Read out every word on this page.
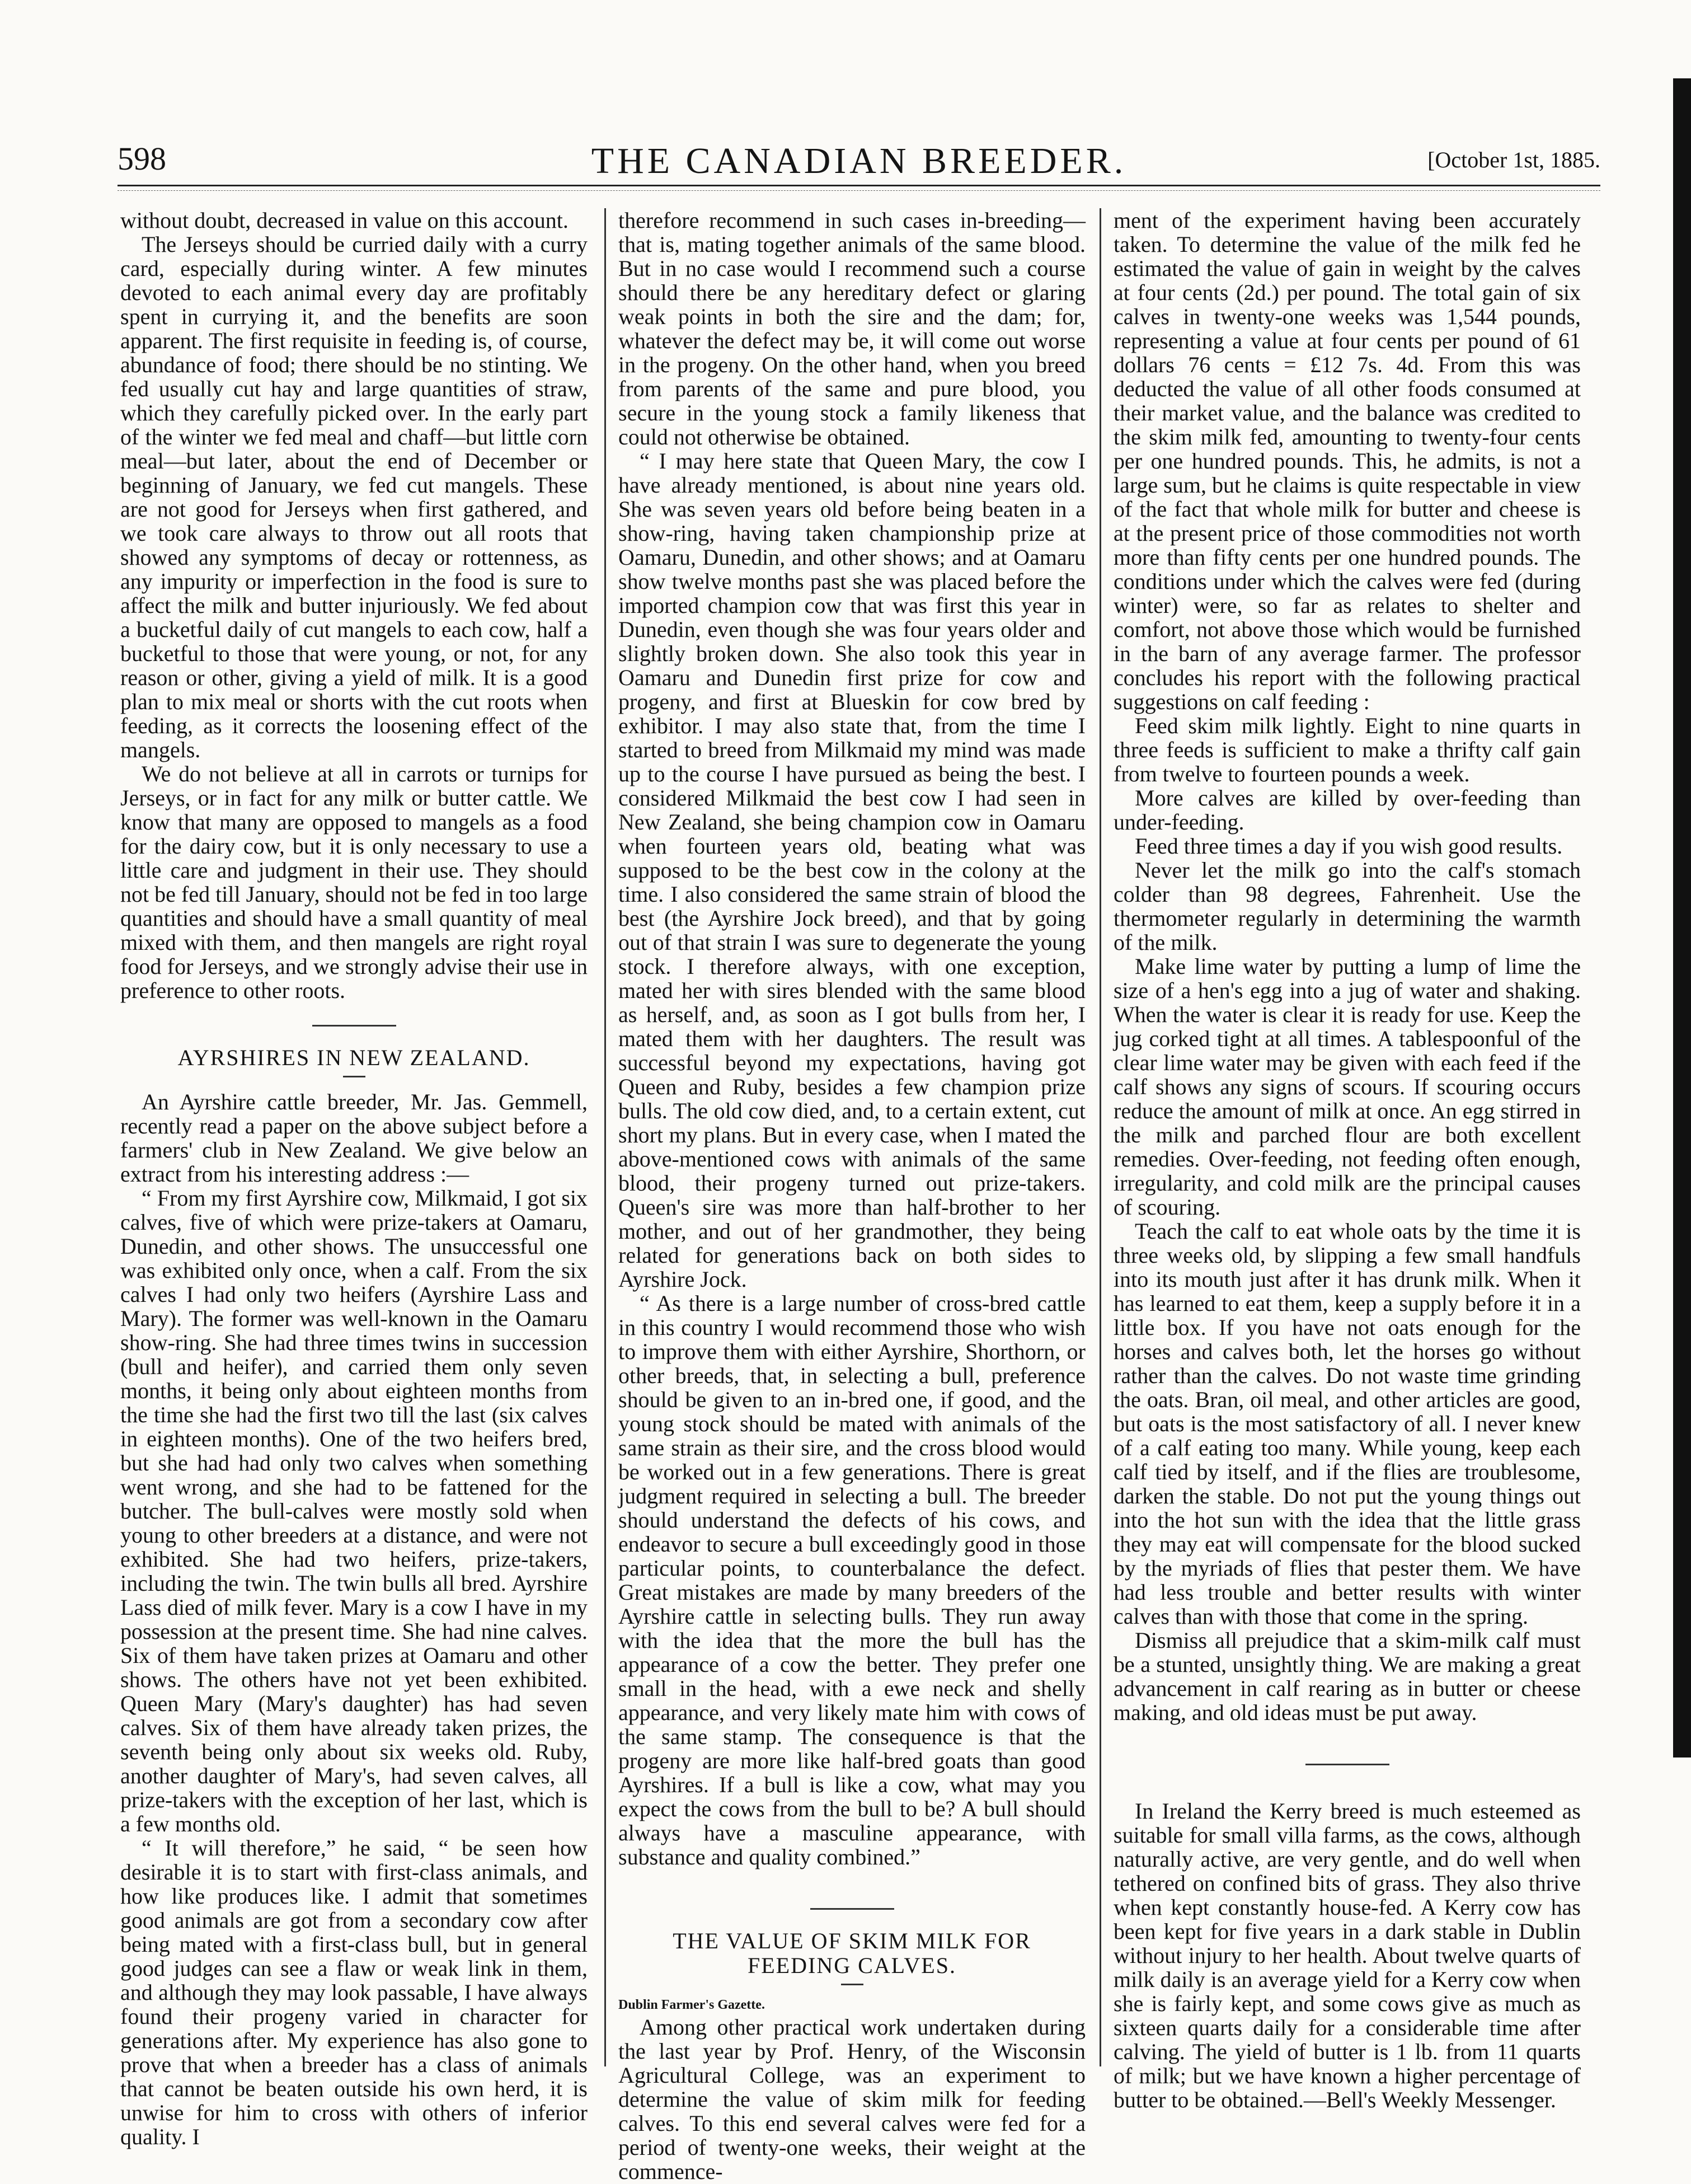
598	THE CANADIAN BREEDER.	[October 1st, 1885.

without doubt, decreased in value on this account.

The Jerseys should be curried daily with a curry card, especially during winter. A few minutes devoted to each animal every day are profitably spent in currying it, and the benefits are soon apparent. The first requisite in feeding is, of course, abundance of food; there should be no stinting. We fed usually cut hay and large quantities of straw, which they carefully picked over. In the early part of the winter we fed meal and chaff—but little corn meal—but later, about the end of December or beginning of January, we fed cut mangels. These are not good for Jerseys when first gathered, and we took care always to throw out all roots that showed any symptoms of decay or rottenness, as any impurity or imperfection in the food is sure to affect the milk and butter injuriously. We fed about a bucketful daily of cut mangels to each cow, half a bucketful to those that were young, or not, for any reason or other, giving a yield of milk. It is a good plan to mix meal or shorts with the cut roots when feeding, as it corrects the loosening effect of the mangels.

We do not believe at all in carrots or turnips for Jerseys, or in fact for any milk or butter cattle. We know that many are opposed to mangels as a food for the dairy cow, but it is only necessary to use a little care and judgment in their use. They should not be fed till January, should not be fed in too large quantities and should have a small quantity of meal mixed with them, and then mangels are right royal food for Jerseys, and we strongly advise their use in preference to other roots.

AYRSHIRES IN NEW ZEALAND.

An Ayrshire cattle breeder, Mr. Jas. Gemmell, recently read a paper on the above subject before a farmers' club in New Zealand. We give below an extract from his interesting address :—

“ From my first Ayrshire cow, Milkmaid, I got six calves, five of which were prize-takers at Oamaru, Dunedin, and other shows. The unsuccessful one was exhibited only once, when a calf. From the six calves I had only two heifers (Ayrshire Lass and Mary). The former was well-known in the Oamaru show-ring. She had three times twins in succession (bull and heifer), and carried them only seven months, it being only about eighteen months from the time she had the first two till the last (six calves in eighteen months). One of the two heifers bred, but she had had only two calves when something went wrong, and she had to be fattened for the butcher. The bull-calves were mostly sold when young to other breeders at a distance, and were not exhibited. She had two heifers, prize-takers, including the twin. The twin bulls all bred. Ayrshire Lass died of milk fever. Mary is a cow I have in my possession at the present time. She had nine calves. Six of them have taken prizes at Oamaru and other shows. The others have not yet been exhibited. Queen Mary (Mary's daughter) has had seven calves. Six of them have already taken prizes, the seventh being only about six weeks old. Ruby, another daughter of Mary's, had seven calves, all prize-takers with the exception of her last, which is a few months old.

“ It will therefore,” he said, “ be seen how desirable it is to start with first-class animals, and how like produces like. I admit that sometimes good animals are got from a secondary cow after being mated with a first-class bull, but in general good judges can see a flaw or weak link in them, and although they may look passable, I have always found their progeny varied in character for generations after. My experience has also gone to prove that when a breeder has a class of animals that cannot be beaten outside his own herd, it is unwise for him to cross with others of inferior quality. I

therefore recommend in such cases in-breeding—that is, mating together animals of the same blood. But in no case would I recommend such a course should there be any hereditary defect or glaring weak points in both the sire and the dam; for, whatever the defect may be, it will come out worse in the progeny. On the other hand, when you breed from parents of the same and pure blood, you secure in the young stock a family likeness that could not otherwise be obtained.

“ I may here state that Queen Mary, the cow I have already mentioned, is about nine years old. She was seven years old before being beaten in a show-ring, having taken championship prize at Oamaru, Dunedin, and other shows; and at Oamaru show twelve months past she was placed before the imported champion cow that was first this year in Dunedin, even though she was four years older and slightly broken down. She also took this year in Oamaru and Dunedin first prize for cow and progeny, and first at Blueskin for cow bred by exhibitor. I may also state that, from the time I started to breed from Milkmaid my mind was made up to the course I have pursued as being the best. I considered Milkmaid the best cow I had seen in New Zealand, she being champion cow in Oamaru when fourteen years old, beating what was supposed to be the best cow in the colony at the time. I also considered the same strain of blood the best (the Ayrshire Jock breed), and that by going out of that strain I was sure to degenerate the young stock. I therefore always, with one exception, mated her with sires blended with the same blood as herself, and, as soon as I got bulls from her, I mated them with her daughters. The result was successful beyond my expectations, having got Queen and Ruby, besides a few champion prize bulls. The old cow died, and, to a certain extent, cut short my plans. But in every case, when I mated the above-mentioned cows with animals of the same blood, their progeny turned out prize-takers. Queen's sire was more than half-brother to her mother, and out of her grandmother, they being related for generations back on both sides to Ayrshire Jock.

“ As there is a large number of cross-bred cattle in this country I would recommend those who wish to improve them with either Ayrshire, Shorthorn, or other breeds, that, in selecting a bull, preference should be given to an in-bred one, if good, and the young stock should be mated with animals of the same strain as their sire, and the cross blood would be worked out in a few generations. There is great judgment required in selecting a bull. The breeder should understand the defects of his cows, and endeavor to secure a bull exceedingly good in those particular points, to counterbalance the defect. Great mistakes are made by many breeders of the Ayrshire cattle in selecting bulls. They run away with the idea that the more the bull has the appearance of a cow the better. They prefer one small in the head, with a ewe neck and shelly appearance, and very likely mate him with cows of the same stamp. The consequence is that the progeny are more like half-bred goats than good Ayrshires. If a bull is like a cow, what may you expect the cows from the bull to be? A bull should always have a masculine appearance, with substance and quality combined.”

THE VALUE OF SKIM MILK FOR FEEDING CALVES.
Dublin Farmer's Gazette.

Among other practical work undertaken during the last year by Prof. Henry, of the Wisconsin Agricultural College, was an experiment to determine the value of skim milk for feeding calves. To this end several calves were fed for a period of twenty-one weeks, their weight at the commence-

ment of the experiment having been accurately taken. To determine the value of the milk fed he estimated the value of gain in weight by the calves at four cents (2d.) per pound. The total gain of six calves in twenty-one weeks was 1,544 pounds, representing a value at four cents per pound of 61 dollars 76 cents = £12 7s. 4d. From this was deducted the value of all other foods consumed at their market value, and the balance was credited to the skim milk fed, amounting to twenty-four cents per one hundred pounds. This, he admits, is not a large sum, but he claims is quite respectable in view of the fact that whole milk for butter and cheese is at the present price of those commodities not worth more than fifty cents per one hundred pounds. The conditions under which the calves were fed (during winter) were, so far as relates to shelter and comfort, not above those which would be furnished in the barn of any average farmer. The professor concludes his report with the following practical suggestions on calf feeding :

Feed skim milk lightly. Eight to nine quarts in three feeds is sufficient to make a thrifty calf gain from twelve to fourteen pounds a week.

More calves are killed by over-feeding than under-feeding.

Feed three times a day if you wish good results.

Never let the milk go into the calf's stomach colder than 98 degrees, Fahrenheit. Use the thermometer regularly in determining the warmth of the milk.

Make lime water by putting a lump of lime the size of a hen's egg into a jug of water and shaking. When the water is clear it is ready for use. Keep the jug corked tight at all times. A tablespoonful of the clear lime water may be given with each feed if the calf shows any signs of scours. If scouring occurs reduce the amount of milk at once. An egg stirred in the milk and parched flour are both excellent remedies. Over-feeding, not feeding often enough, irregularity, and cold milk are the principal causes of scouring.

Teach the calf to eat whole oats by the time it is three weeks old, by slipping a few small handfuls into its mouth just after it has drunk milk. When it has learned to eat them, keep a supply before it in a little box. If you have not oats enough for the horses and calves both, let the horses go without rather than the calves. Do not waste time grinding the oats. Bran, oil meal, and other articles are good, but oats is the most satisfactory of all. I never knew of a calf eating too many. While young, keep each calf tied by itself, and if the flies are troublesome, darken the stable. Do not put the young things out into the hot sun with the idea that the little grass they may eat will compensate for the blood sucked by the myriads of flies that pester them. We have had less trouble and better results with winter calves than with those that come in the spring.

Dismiss all prejudice that a skim-milk calf must be a stunted, unsightly thing. We are making a great advancement in calf rearing as in butter or cheese making, and old ideas must be put away.

In Ireland the Kerry breed is much esteemed as suitable for small villa farms, as the cows, although naturally active, are very gentle, and do well when tethered on confined bits of grass. They also thrive when kept constantly house-fed. A Kerry cow has been kept for five years in a dark stable in Dublin without injury to her health. About twelve quarts of milk daily is an average yield for a Kerry cow when she is fairly kept, and some cows give as much as sixteen quarts daily for a considerable time after calving. The yield of butter is 1 lb. from 11 quarts of milk; but we have known a higher percentage of butter to be obtained.—Bell's Weekly Messenger.
